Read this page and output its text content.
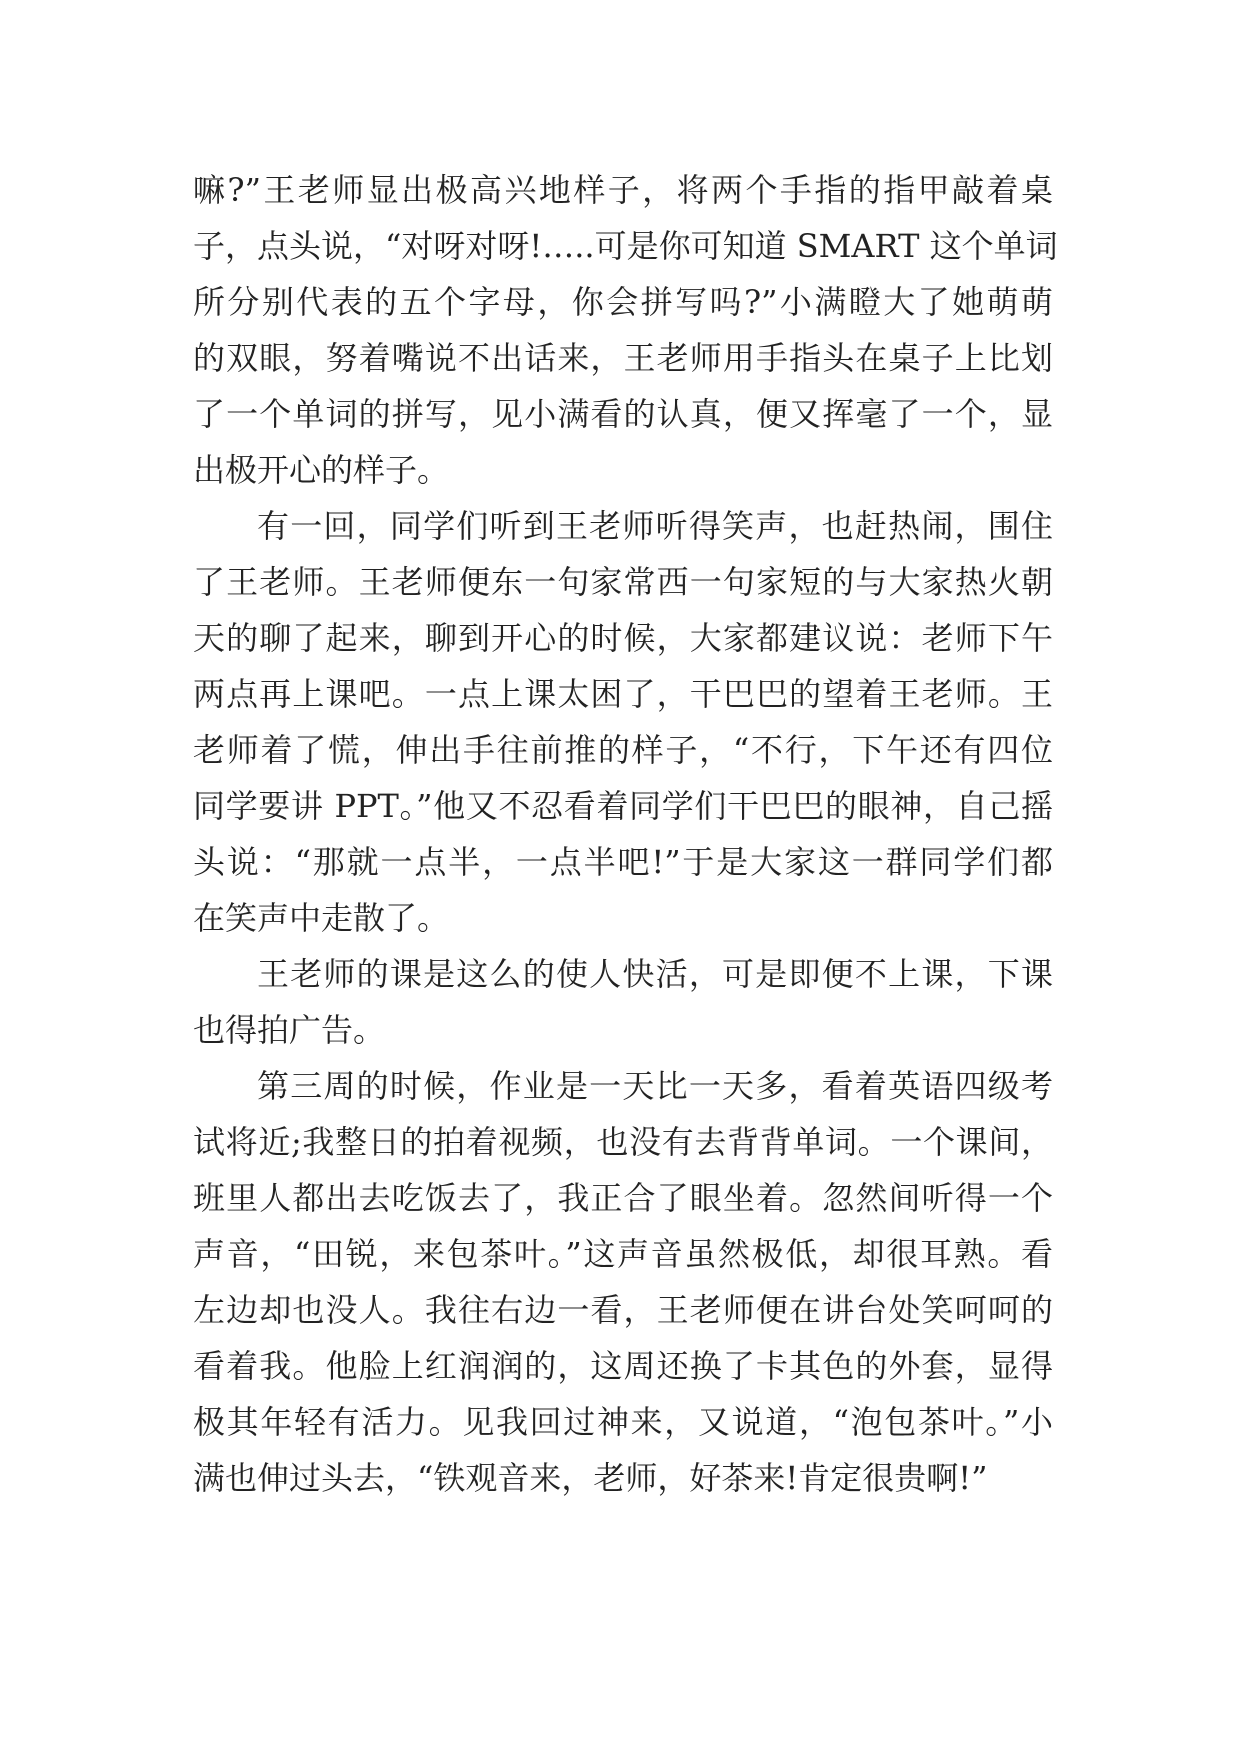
嘛?”王老师显出极高兴地样子，将两个手指的指甲敲着桌
子，点头说，“对呀对呀!…..可是你可知道 SMART 这个单词
所分别代表的五个字母，你会拼写吗?”小满瞪大了她萌萌
的双眼，努着嘴说不出话来，王老师用手指头在桌子上比划
了一个单词的拼写，见小满看的认真，便又挥毫了一个，显
出极开心的样子。
有一回，同学们听到王老师听得笑声，也赶热闹，围住
了王老师。王老师便东一句家常西一句家短的与大家热火朝
天的聊了起来，聊到开心的时候，大家都建议说：老师下午
两点再上课吧。一点上课太困了，干巴巴的望着王老师。王
老师着了慌，伸出手往前推的样子，“不行，下午还有四位
同学要讲 PPT。”他又不忍看着同学们干巴巴的眼神，自己摇
头说：“那就一点半，一点半吧!”于是大家这一群同学们都
在笑声中走散了。
王老师的课是这么的使人快活，可是即便不上课，下课
也得拍广告。
第三周的时候，作业是一天比一天多，看着英语四级考
试将近;我整日的拍着视频，也没有去背背单词。一个课间，
班里人都出去吃饭去了，我正合了眼坐着。忽然间听得一个
声音，“田锐，来包茶叶。”这声音虽然极低，却很耳熟。看
左边却也没人。我往右边一看，王老师便在讲台处笑呵呵的
看着我。他脸上红润润的，这周还换了卡其色的外套，显得
极其年轻有活力。见我回过神来，又说道，“泡包茶叶。”小
满也伸过头去，“铁观音来，老师，好茶来!肯定很贵啊!”
